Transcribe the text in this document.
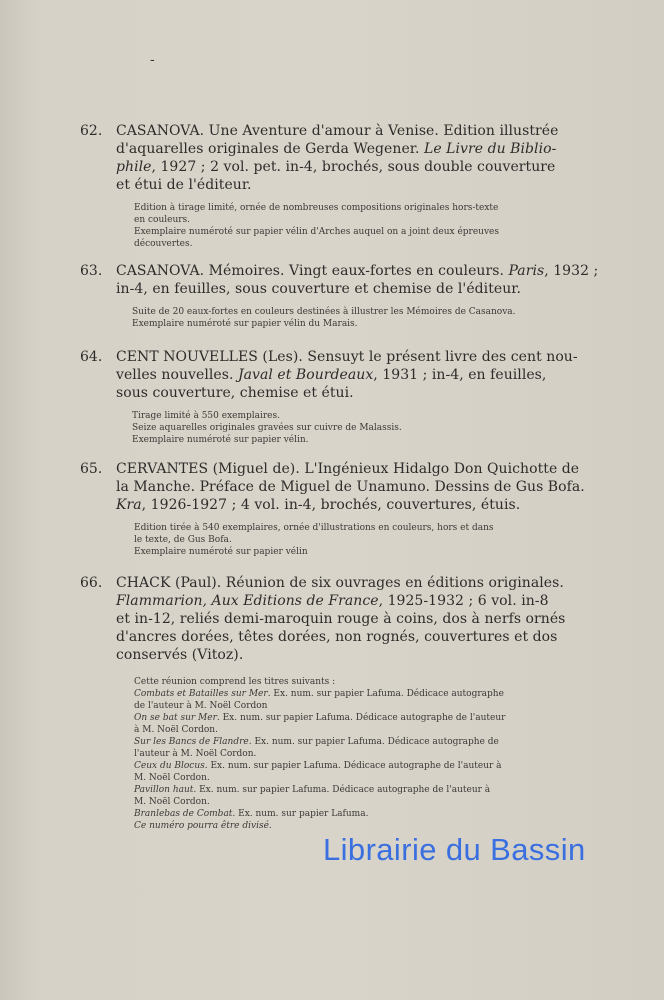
-
62. CASANOVA. Une Aventure d'amour à Venise. Edition illustrée
d'aquarelles originales de Gerda Wegener. Le Livre du Biblio-
phile, 1927 ; 2 vol. pet. in-4, brochés, sous double couverture
et étui de l'éditeur.
Edition à tirage limité, ornée de nombreuses compositions originales hors-texte
en couleurs.
Exemplaire numéroté sur papier vélin d'Arches auquel on a joint deux épreuves
découvertes.
63. CASANOVA. Mémoires. Vingt eaux-fortes en couleurs. Paris, 1932 ;
in-4, en feuilles, sous couverture et chemise de l'éditeur.
Suite de 20 eaux-fortes en couleurs destinées à illustrer les Mémoires de Casanova.
Exemplaire numéroté sur papier vélin du Marais.
64. CENT NOUVELLES (Les). Sensuyt le présent livre des cent nou-
velles nouvelles. Javal et Bourdeaux, 1931 ; in-4, en feuilles,
sous couverture, chemise et étui.
Tirage limité à 550 exemplaires.
Seize aquarelles originales gravées sur cuivre de Malassis.
Exemplaire numéroté sur papier vélin.
65. CERVANTES (Miguel de). L'Ingénieux Hidalgo Don Quichotte de
la Manche. Préface de Miguel de Unamuno. Dessins de Gus Bofa.
Kra, 1926-1927 ; 4 vol. in-4, brochés, couvertures, étuis.
Edition tirée à 540 exemplaires, ornée d'illustrations en couleurs, hors et dans
le texte, de Gus Bofa.
Exemplaire numéroté sur papier vélin
66. CHACK (Paul). Réunion de six ouvrages en éditions originales.
Flammarion, Aux Editions de France, 1925-1932 ; 6 vol. in-8
et in-12, reliés demi-maroquin rouge à coins, dos à nerfs ornés
d'ancres dorées, têtes dorées, non rognés, couvertures et dos
conservés (Vitoz).
Cette réunion comprend les titres suivants :
Combats et Batailles sur Mer. Ex. num. sur papier Lafuma. Dédicace autographe
de l'auteur à M. Noël Cordon
On se bat sur Mer. Ex. num. sur papier Lafuma. Dédicace autographe de l'auteur
à M. Noël Cordon.
Sur les Bancs de Flandre. Ex. num. sur papier Lafuma. Dédicace autographe de
l'auteur à M. Noël Cordon.
Ceux du Blocus. Ex. num. sur papier Lafuma. Dédicace autographe de l'auteur à
M. Noël Cordon.
Pavillon haut. Ex. num. sur papier Lafuma. Dédicace autographe de l'auteur à
M. Noël Cordon.
Branlebas de Combat. Ex. num. sur papier Lafuma.
Ce numéro pourra être divisé.
Librairie du Bassin
